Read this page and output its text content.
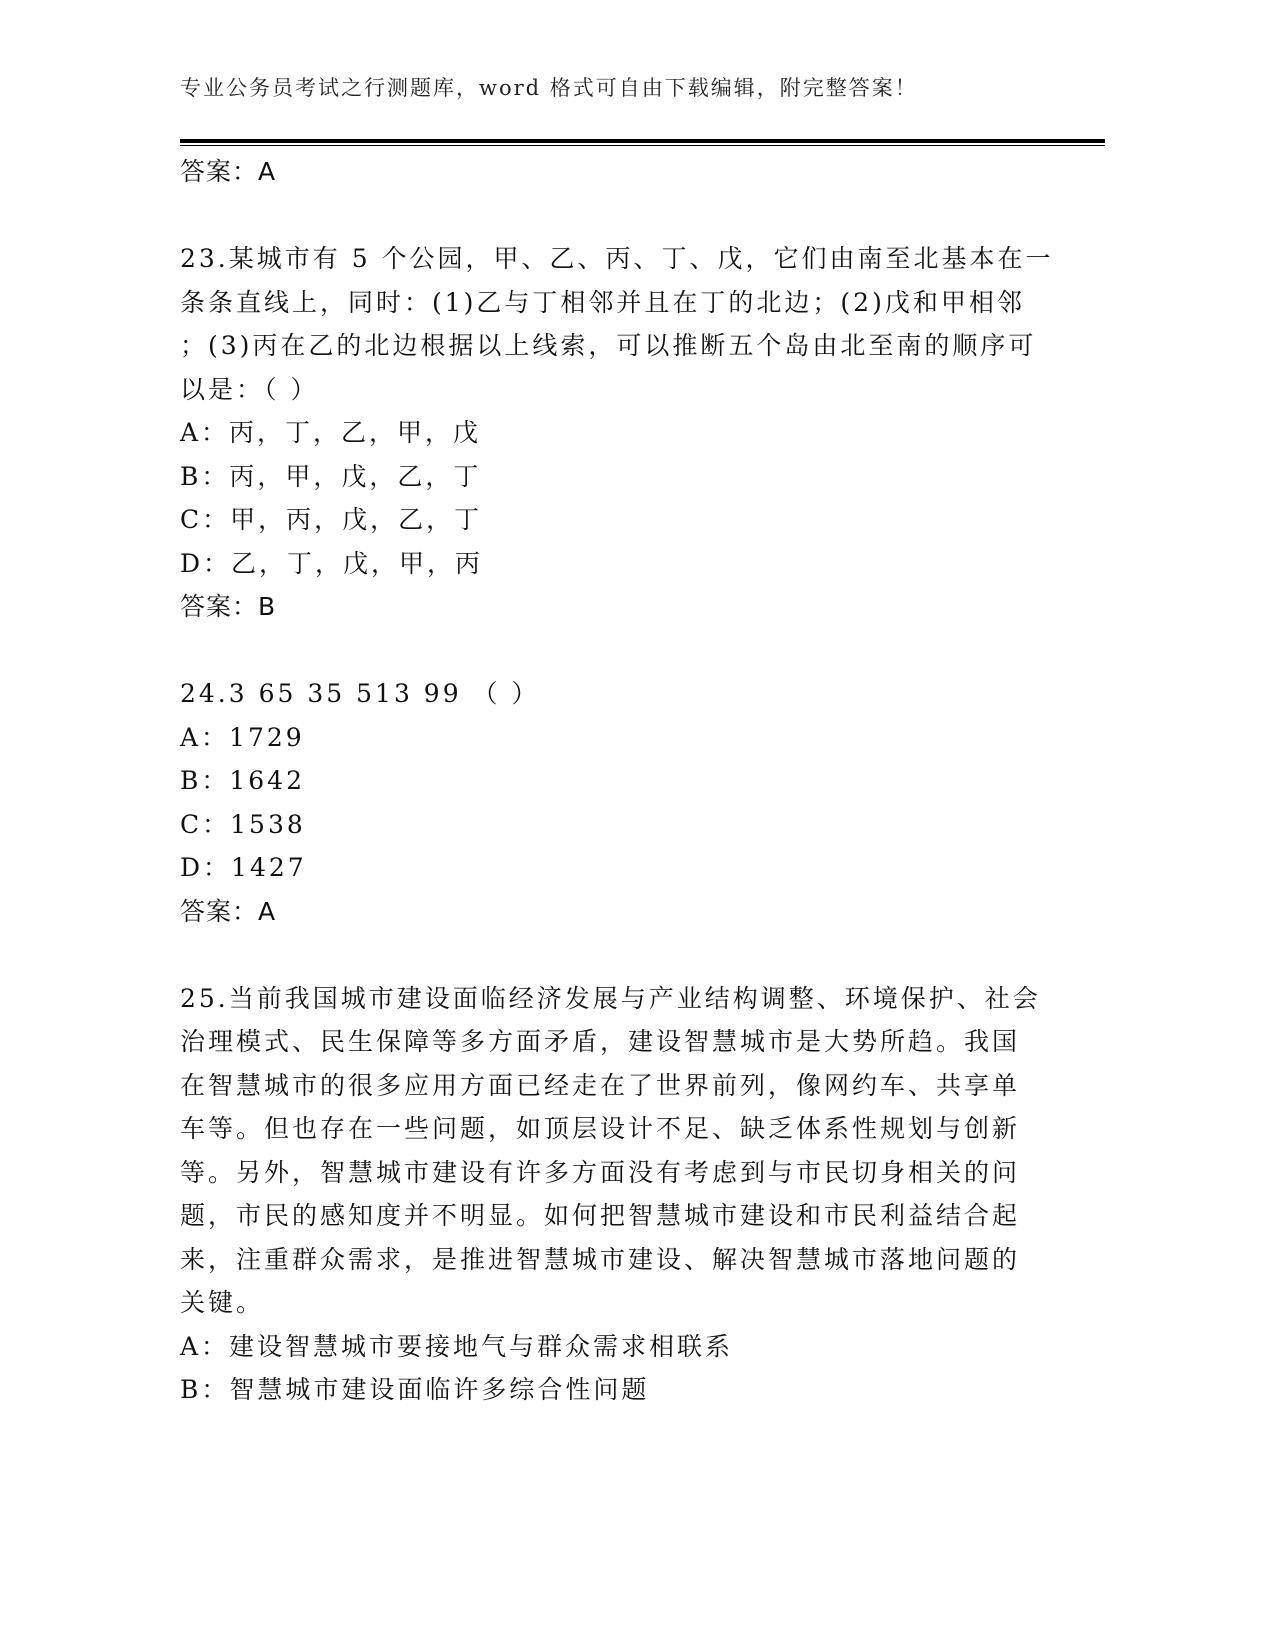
专业公务员考试之行测题库，word 格式可自由下载编辑，附完整答案！
答案：A
23.某城市有 5 个公园，甲、乙、丙、丁、戊，它们由南至北基本在一
条条直线上，同时：(1)乙与丁相邻并且在丁的北边；(2)戊和甲相邻
；(3)丙在乙的北边根据以上线索，可以推断五个岛由北至南的顺序可
以是：（ ）
A：丙，丁，乙，甲，戊
B：丙，甲，戊，乙，丁
C：甲，丙，戊，乙，丁
D：乙，丁，戊，甲，丙
答案：B
24.3 65 35 513 99 （ ）
A：1729
B：1642
C：1538
D：1427
答案：A
25.当前我国城市建设面临经济发展与产业结构调整、环境保护、社会
治理模式、民生保障等多方面矛盾，建设智慧城市是大势所趋。我国
在智慧城市的很多应用方面已经走在了世界前列，像网约车、共享单
车等。但也存在一些问题，如顶层设计不足、缺乏体系性规划与创新
等。另外，智慧城市建设有许多方面没有考虑到与市民切身相关的问
题，市民的感知度并不明显。如何把智慧城市建设和市民利益结合起
来，注重群众需求，是推进智慧城市建设、解决智慧城市落地问题的
关键。
A：建设智慧城市要接地气与群众需求相联系
B：智慧城市建设面临许多综合性问题
